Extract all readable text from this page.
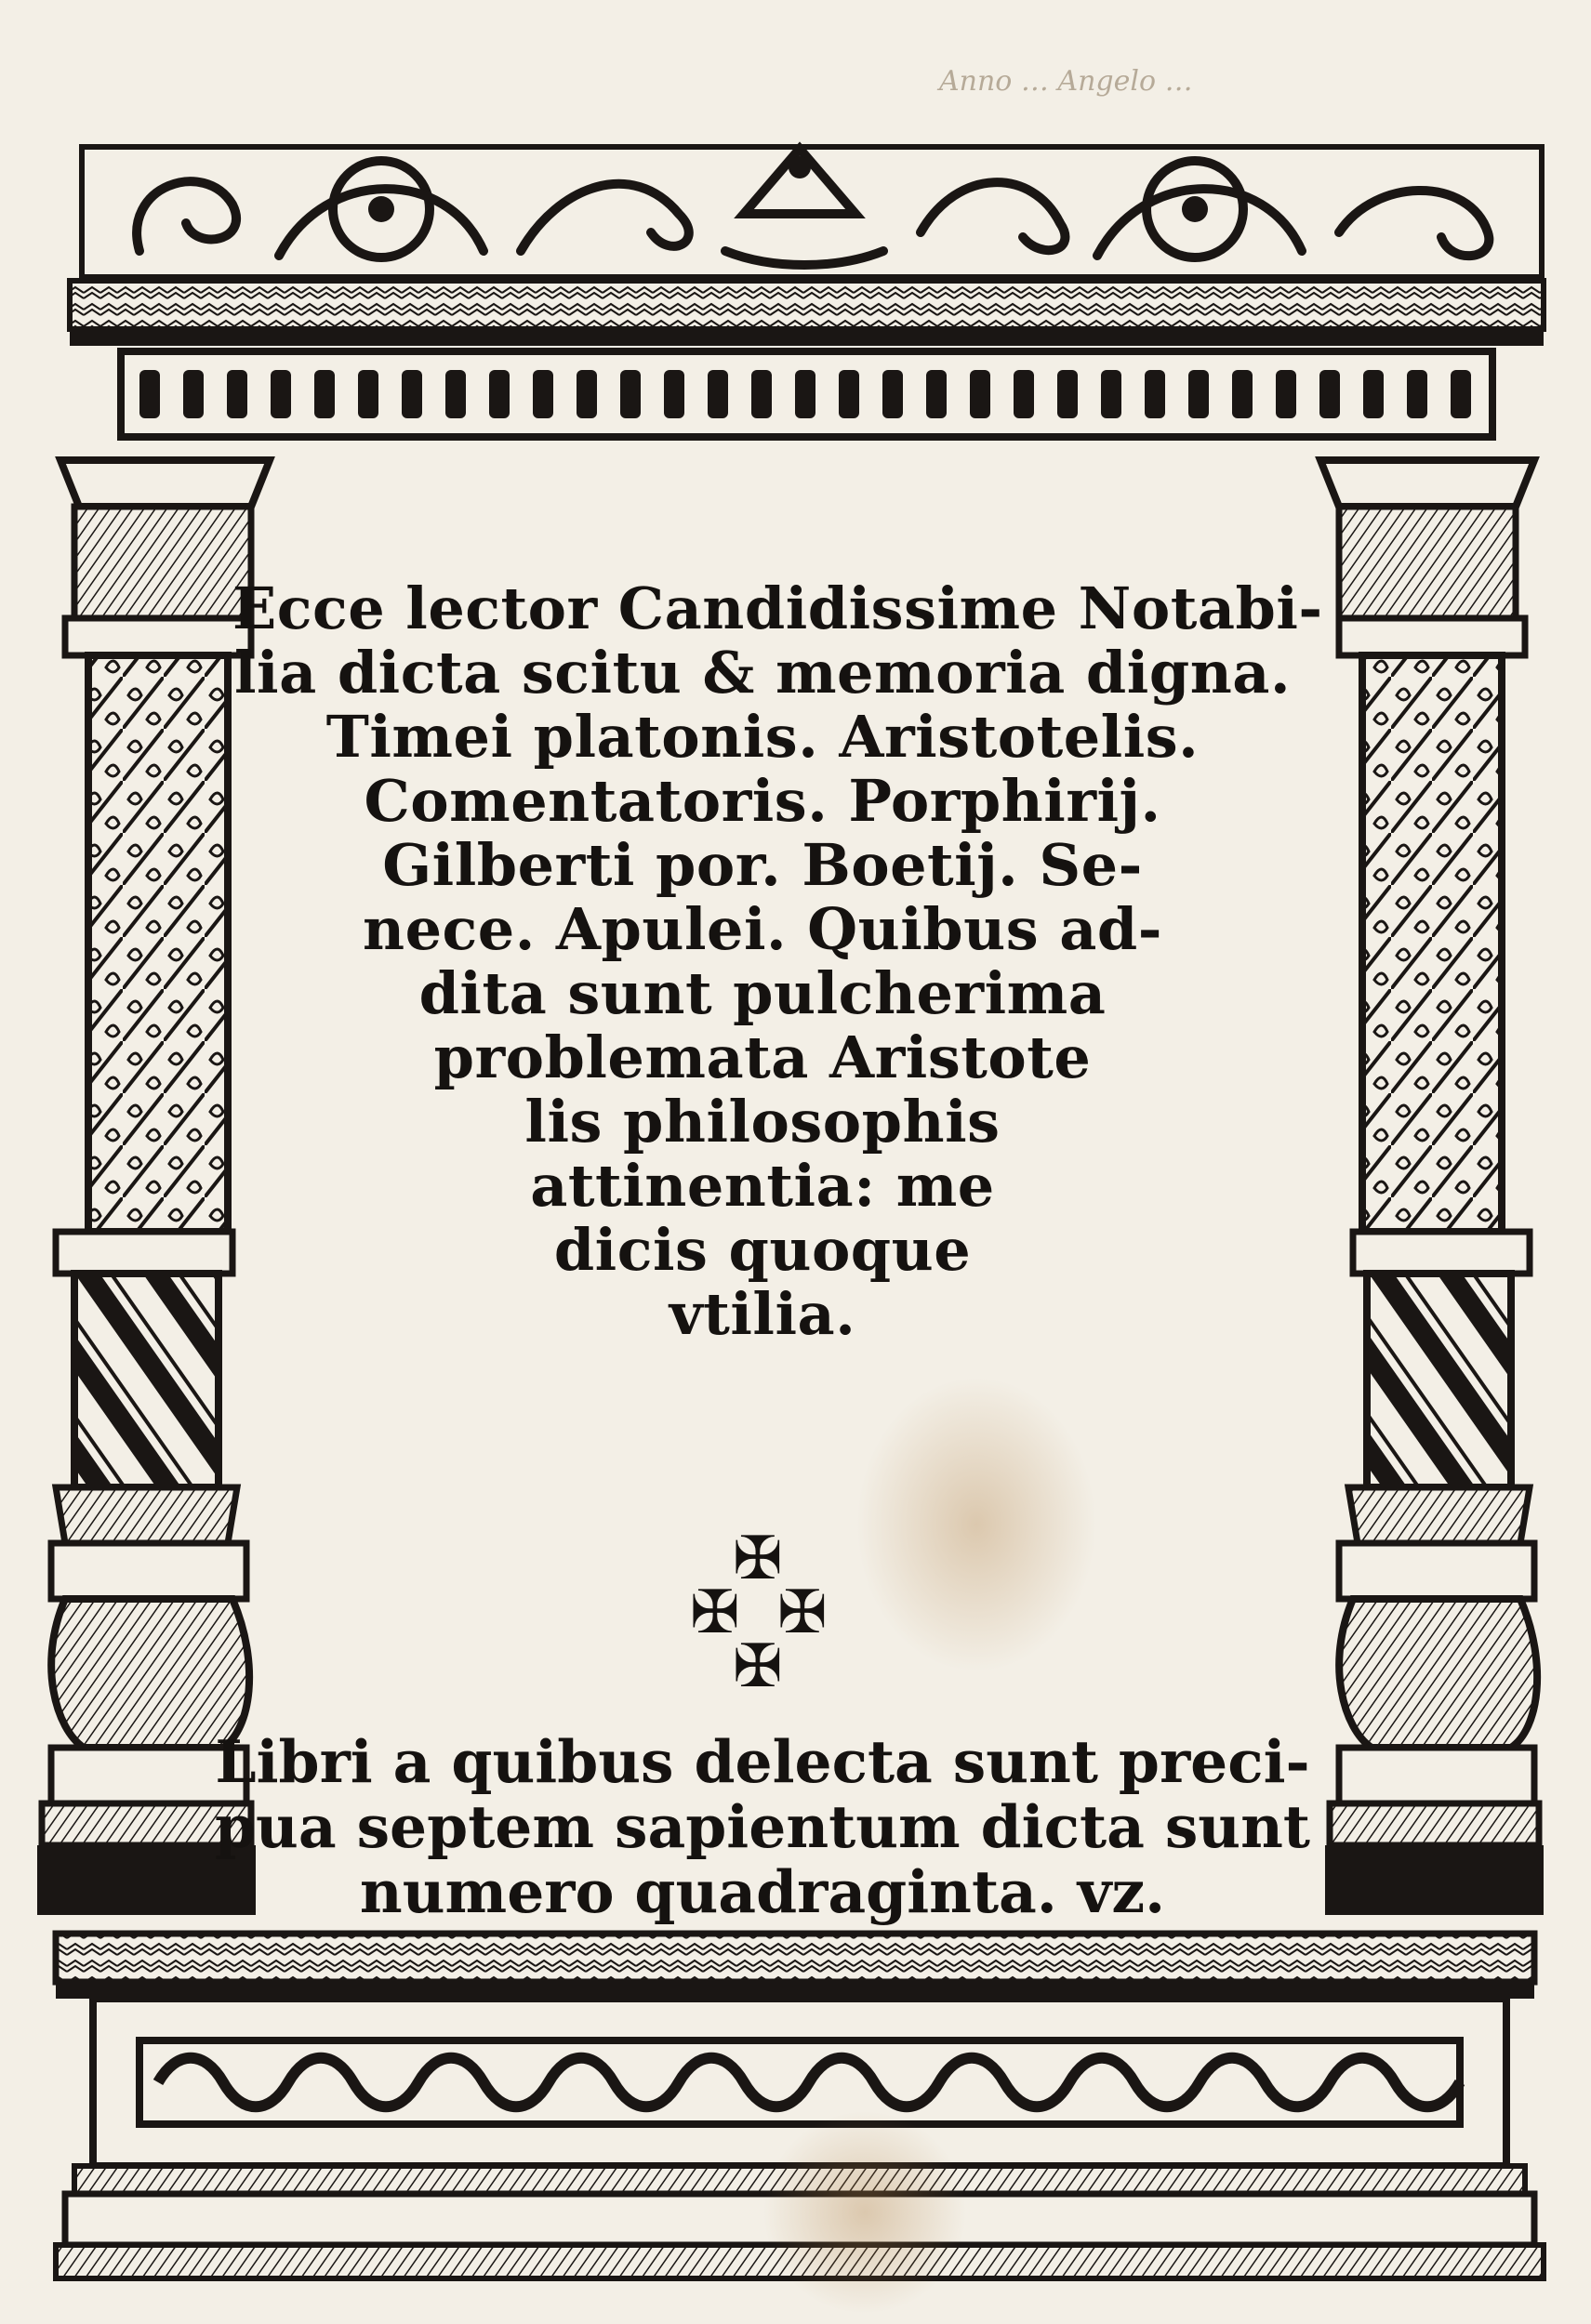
Anno … Angelo …
Ecce lector Candidissime Notabi-
lia dicta scitu & memoria digna.
Timei platonis. Aristotelis.
Comentatoris. Porphirij.
Gilberti por. Boetij. Se-
nece. Apulei. Quibus ad-
dita sunt pulcherima
problemata Aristote
lis philosophis
attinentia: me
dicis quoque
vtilia.
✠
✠ ✠
✠
Libri a quibus delecta sunt preci-
pua septem sapientum dicta sunt
numero quadraginta. vz.
